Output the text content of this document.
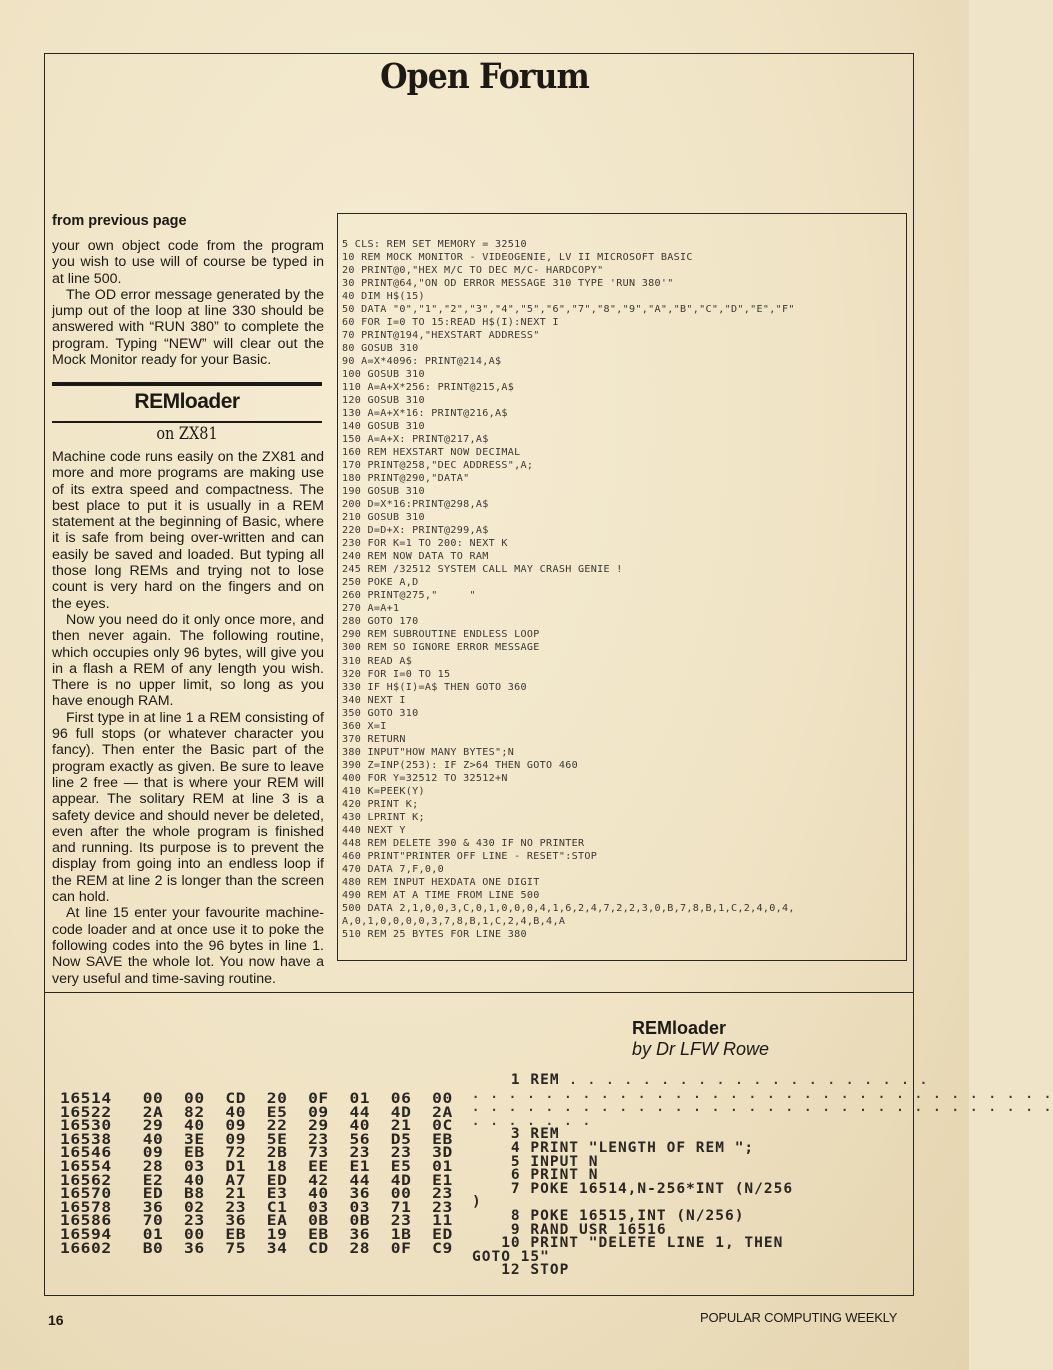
Open Forum
from previous page

your own object code from the program you wish to use will of course be typed in at line 500.

The OD error message generated by the jump out of the loop at line 330 should be answered with “RUN 380” to complete the program. Typing “NEW” will clear out the Mock Monitor ready for your Basic.

REMloader
on ZX81

Machine code runs easily on the ZX81 and more and more programs are making use of its extra speed and compactness. The best place to put it is usually in a REM statement at the beginning of Basic, where it is safe from being over-written and can easily be saved and loaded. But typing all those long REMs and trying not to lose count is very hard on the fingers and on the eyes.

Now you need do it only once more, and then never again. The following routine, which occupies only 96 bytes, will give you in a flash a REM of any length you wish. There is no upper limit, so long as you have enough RAM.

First type in at line 1 a REM consisting of 96 full stops (or whatever character you fancy). Then enter the Basic part of the program exactly as given. Be sure to leave line 2 free — that is where your REM will appear. The solitary REM at line 3 is a safety device and should never be deleted, even after the whole program is finished and running. Its purpose is to prevent the display from going into an endless loop if the REM at line 2 is longer than the screen can hold.

At line 15 enter your favourite machine-code loader and at once use it to poke the following codes into the 96 bytes in line 1. Now SAVE the whole lot. You now have a very useful and time-saving routine.

5 CLS: REM SET MEMORY = 32510
10 REM MOCK MONITOR - VIDEOGENIE, LV II MICROSOFT BASIC
20 PRINT@0,"HEX M/C TO DEC M/C- HARDCOPY"
30 PRINT@64,"ON OD ERROR MESSAGE 310 TYPE 'RUN 380'"
40 DIM H$(15)
50 DATA "0","1","2","3","4","5","6","7","8","9","A","B","C","D","E","F"
60 FOR I=0 TO 15:READ H$(I):NEXT I
70 PRINT@194,"HEXSTART ADDRESS"
80 GOSUB 310
90 A=X*4096: PRINT@214,A$
100 GOSUB 310
110 A=A+X*256: PRINT@215,A$
120 GOSUB 310
130 A=A+X*16: PRINT@216,A$
140 GOSUB 310
150 A=A+X: PRINT@217,A$
160 REM HEXSTART NOW DECIMAL
170 PRINT@258,"DEC ADDRESS",A;
180 PRINT@290,"DATA"
190 GOSUB 310
200 D=X*16:PRINT@298,A$
210 GOSUB 310
220 D=D+X: PRINT@299,A$
230 FOR K=1 TO 200: NEXT K
240 REM NOW DATA TO RAM
245 REM /32512 SYSTEM CALL MAY CRASH GENIE !
250 POKE A,D
260 PRINT@275,"     "
270 A=A+1
280 GOTO 170
290 REM SUBROUTINE ENDLESS LOOP
300 REM SO IGNORE ERROR MESSAGE
310 READ A$
320 FOR I=0 TO 15
330 IF H$(I)=A$ THEN GOTO 360
340 NEXT I
350 GOTO 310
360 X=I
370 RETURN
380 INPUT"HOW MANY BYTES";N
390 Z=INP(253): IF Z>64 THEN GOTO 460
400 FOR Y=32512 TO 32512+N
410 K=PEEK(Y)
420 PRINT K;
430 LPRINT K;
440 NEXT Y
448 REM DELETE 390 & 430 IF NO PRINTER
460 PRINT"PRINTER OFF LINE - RESET":STOP
470 DATA 7,F,0,0
480 REM INPUT HEXDATA ONE DIGIT
490 REM AT A TIME FROM LINE 500
500 DATA 2,1,0,0,3,C,0,1,0,0,0,4,1,6,2,4,7,2,2,3,0,B,7,8,B,1,C,2,4,0,4,
A,0,1,0,0,0,0,3,7,8,B,1,C,2,4,B,4,A
510 REM 25 BYTES FOR LINE 380
REMloader
by Dr LFW Rowe
16514   00  00  CD  20  0F  01  06  00
16522   2A  82  40  E5  09  44  4D  2A
16530   29  40  09  22  29  40  21  0C
16538   40  3E  09  5E  23  56  D5  EB
16546   09  EB  72  2B  73  23  23  3D
16554   28  03  D1  18  EE  E1  E5  01
16562   E2  40  A7  ED  42  44  4D  E1
16570   ED  B8  21  E3  40  36  00  23
16578   36  02  23  C1  03  03  71  23
16586   70  23  36  EA  0B  0B  23  11
16594   01  00  EB  19  EB  36  1B  ED
16602   B0  36  75  34  CD  28  0F  C9
1 REM . . . . . . . . . . . . . . . . . . . .
. . . . . . . . . . . . . . . . . . . . . . . . . . . . . . . .
. . . . . . . . . . . . . . . . . . . . . . . . . . . . . . . .
. . . . . . .
3 REM
4 PRINT "LENGTH OF REM ";
5 INPUT N
6 PRINT N
7 POKE 16514,N-256*INT (N/256
)
8 POKE 16515,INT (N/256)
9 RAND USR 16516
10 PRINT "DELETE LINE 1, THEN
GOTO 15"
12 STOP
16	POPULAR COMPUTING WEEKLY
